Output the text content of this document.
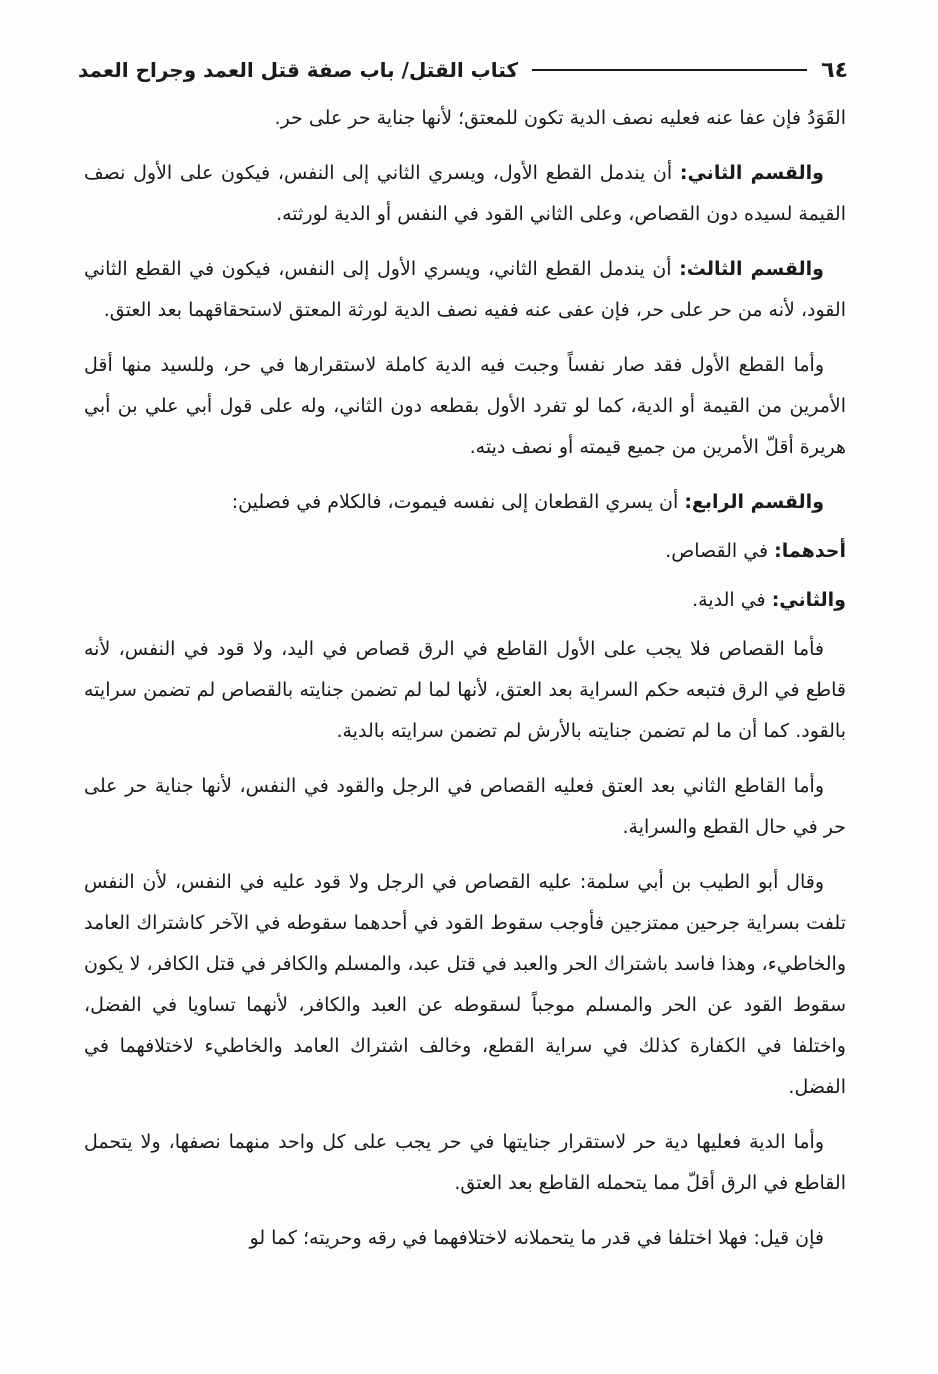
٦٤
كتاب القتل/ باب صفة قتل العمد وجراح العمد

القَوَدُ فإن عفا عنه فعليه نصف الدية تكون للمعتق؛ لأنها جناية حر على حر.

والقسم الثاني: أن يندمل القطع الأول، ويسري الثاني إلى النفس، فيكون على الأول نصف القيمة لسيده دون القصاص، وعلى الثاني القود في النفس أو الدية لورثته.

والقسم الثالث: أن يندمل القطع الثاني، ويسري الأول إلى النفس، فيكون في القطع الثاني القود، لأنه من حر على حر، فإن عفى عنه ففيه نصف الدية لورثة المعتق لاستحقاقهما بعد العتق.

وأما القطع الأول فقد صار نفساً وجبت فيه الدية كاملة لاستقرارها في حر، وللسيد منها أقل الأمرين من القيمة أو الدية، كما لو تفرد الأول بقطعه دون الثاني، وله على قول أبي علي بن أبي هريرة أقلّ الأمرين من جميع قيمته أو نصف ديته.

والقسم الرابع: أن يسري القطعان إلى نفسه فيموت، فالكلام في فصلين:

أحدهما: في القصاص.

والثاني: في الدية.

فأما القصاص فلا يجب على الأول القاطع في الرق قصاص في اليد، ولا قود في النفس، لأنه قاطع في الرق فتبعه حكم السراية بعد العتق، لأنها لما لم تضمن جنايته بالقصاص لم تضمن سرايته بالقود. كما أن ما لم تضمن جنايته بالأرش لم تضمن سرايته بالدية.

وأما القاطع الثاني بعد العتق فعليه القصاص في الرجل والقود في النفس، لأنها جناية حر على حر في حال القطع والسراية.

وقال أبو الطيب بن أبي سلمة: عليه القصاص في الرجل ولا قود عليه في النفس، لأن النفس تلفت بسراية جرحين ممتزجين فأوجب سقوط القود في أحدهما سقوطه في الآخر كاشتراك العامد والخاطيء، وهذا فاسد باشتراك الحر والعبد في قتل عبد، والمسلم والكافر في قتل الكافر، لا يكون سقوط القود عن الحر والمسلم موجباً لسقوطه عن العبد والكافر، لأنهما تساويا في الفضل، واختلفا في الكفارة كذلك في سراية القطع، وخالف اشتراك العامد والخاطيء لاختلافهما في الفضل.

وأما الدية فعليها دية حر لاستقرار جنايتها في حر يجب على كل واحد منهما نصفها، ولا يتحمل القاطع في الرق أقلّ مما يتحمله القاطع بعد العتق.

فإن قيل: فهلا اختلفا في قدر ما يتحملانه لاختلافهما في رقه وحريته؛ كما لو
